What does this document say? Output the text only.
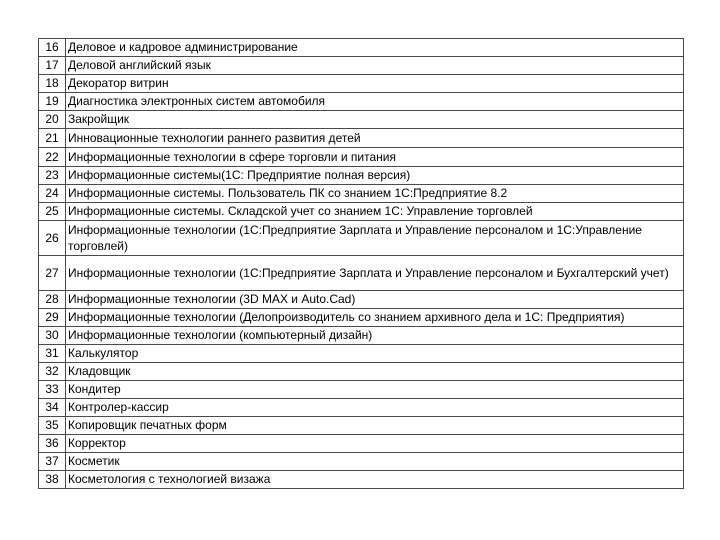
16	Деловое и кадровое администрирование
17	Деловой английский язык
18	Декоратор витрин
19	Диагностика электронных систем автомобиля
20	Закройщик
21	Инновационные технологии раннего развития детей
22	Информационные технологии в сфере торговли и питания
23	Информационные системы(1С: Предприятие полная версия)
24	Информационные системы. Пользователь ПК со знанием 1С:Предприятие 8.2
25	Информационные системы. Складской учет со знанием 1С: Управление торговлей
26	Информационные технологии (1С:Предприятие Зарплата и Управление персоналом и 1С:Управление торговлей)
27	Информационные технологии (1С:Предприятие Зарплата и Управление персоналом и Бухгалтерский учет)
28	Информационные технологии (3D MAX и Auto.Cad)
29	Информационные технологии (Делопроизводитель со знанием архивного дела и 1С: Предприятия)
30	Информационные технологии (компьютерный дизайн)
31	Калькулятор
32	Кладовщик
33	Кондитер
34	Контролер-кассир
35	Копировщик печатных форм
36	Корректор
37	Косметик
38	Косметология с технологией визажа
